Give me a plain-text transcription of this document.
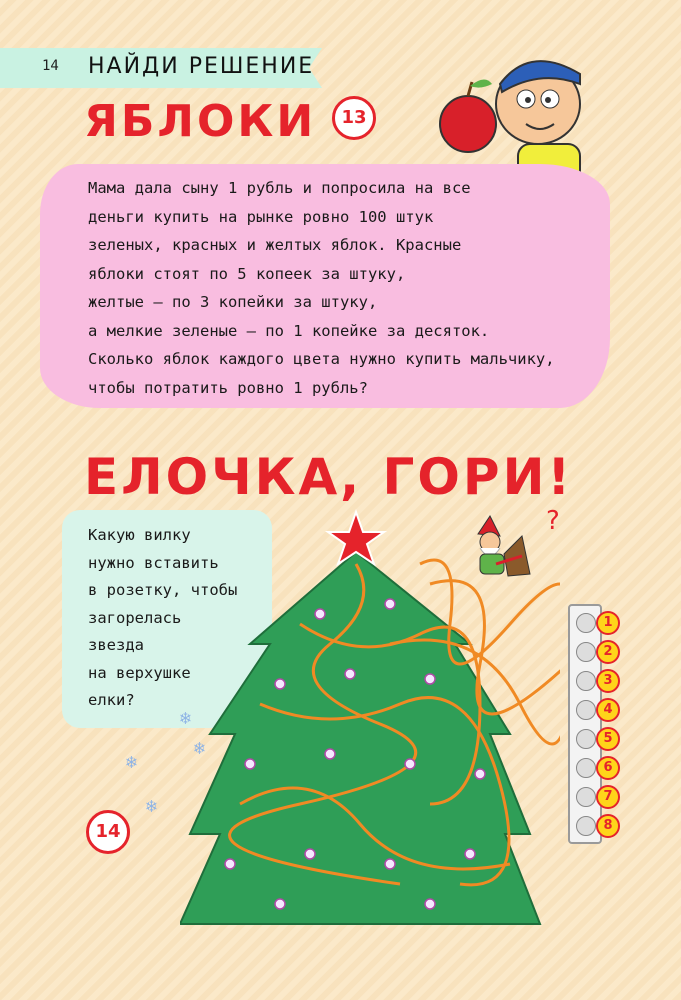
14 НАЙДИ РЕШЕНИЕ
ЯБЛОКИ	13

Мама дала сыну 1 рубль и попросила на все
деньги купить на рынке ровно 100 штук
зеленых, красных и желтых яблок. Красные
яблоки стоят по 5 копеек за штуку,
желтые — по 3 копейки за штуку,
а мелкие зеленые — по 1 копейке за десяток.
Сколько яблок каждого цвета нужно купить мальчику,
чтобы потратить ровно 1 рубль?

ЕЛОЧКА, ГОРИ!

Какую вилку
нужно вставить
в розетку, чтобы
загорелась
звезда
на верхушке
елки?

?
❄
❄
❄
❄
14
1
2
3
4
5
6
7
8
